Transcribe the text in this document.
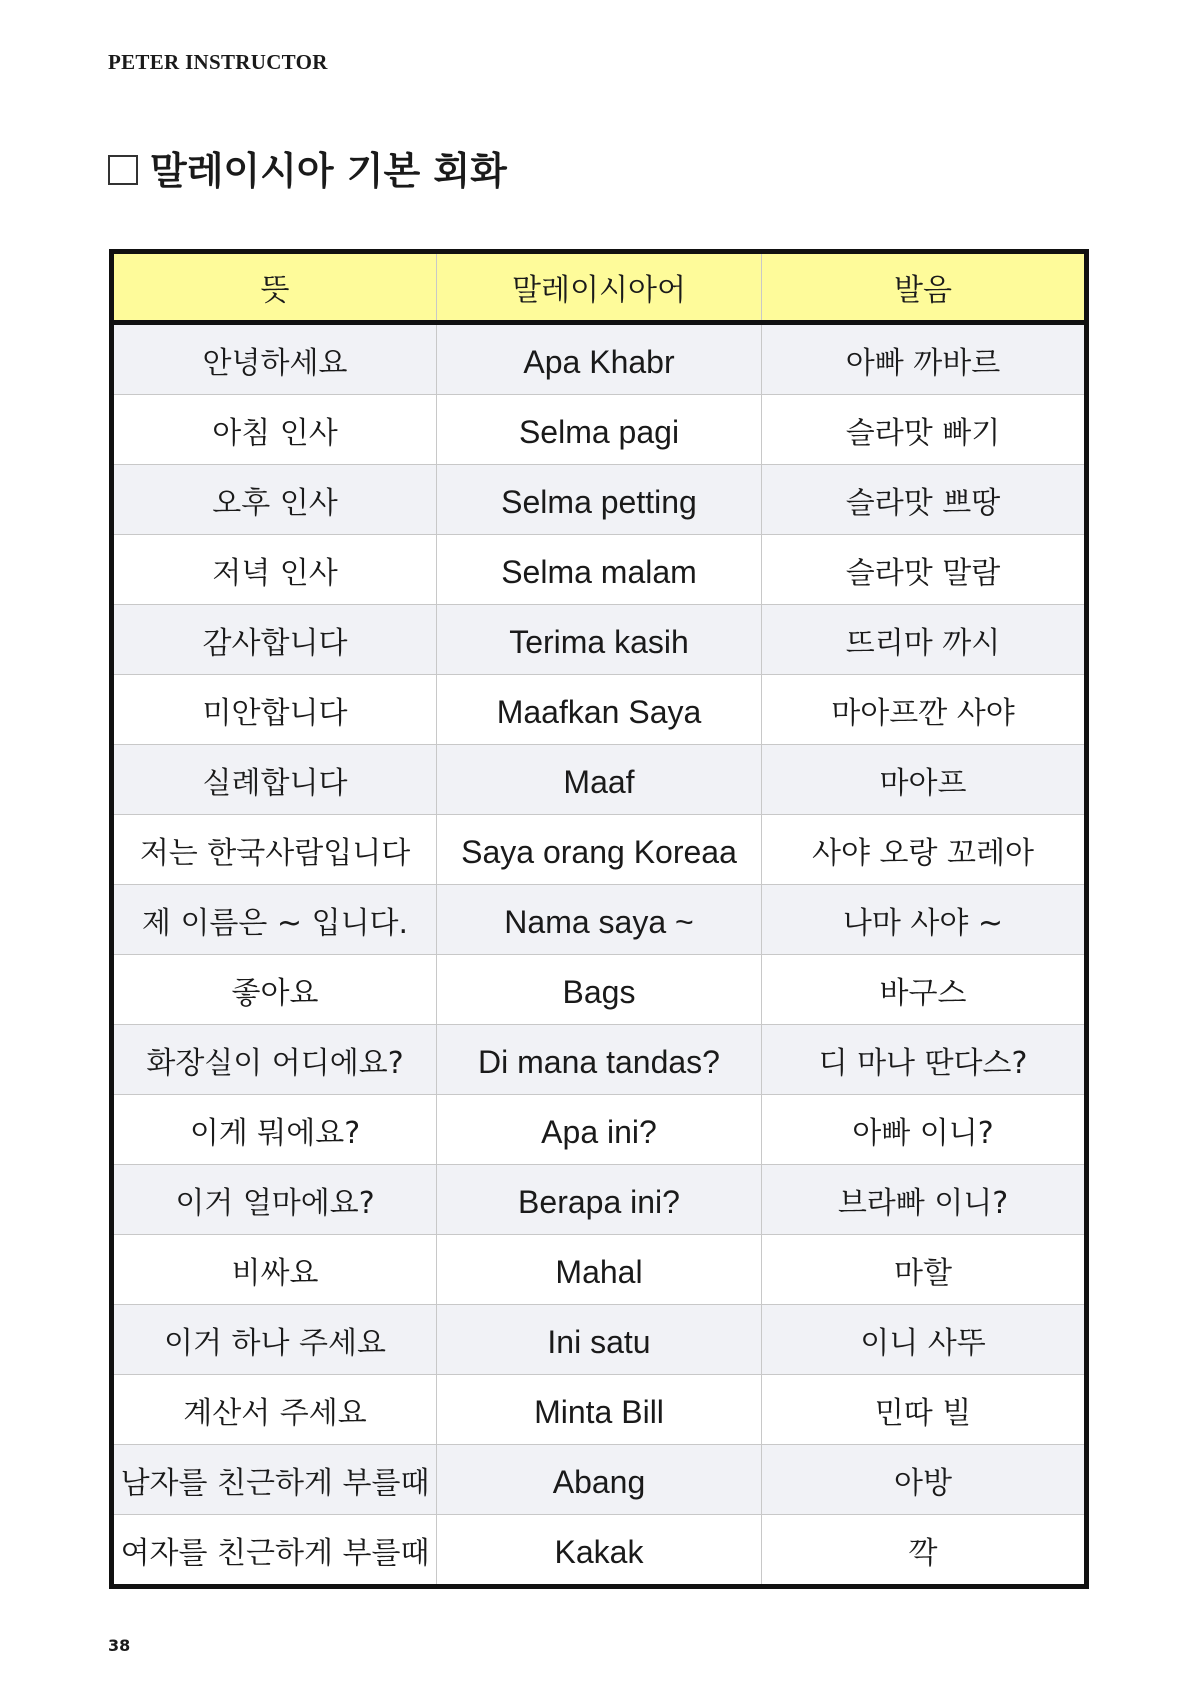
PETER INSTRUCTOR
말레이시아 기본 회화
뜻	말레이시아어	발음
안녕하세요	Apa Khabr	아빠 까바르
아침 인사	Selma pagi	슬라맛 빠기
오후 인사	Selma petting	슬라맛 쁘땅
저녁 인사	Selma malam	슬라맛 말람
감사합니다	Terima kasih	뜨리마 까시
미안합니다	Maafkan Saya	마아프깐 사야
실례합니다	Maaf	마아프
저는 한국사람입니다	Saya orang Koreaa	사야 오랑 꼬레아
제 이름은 ~ 입니다.	Nama saya ~	나마 사야 ~
좋아요	Bags	바구스
화장실이 어디에요?	Di mana tandas?	디 마나 딴다스?
이게 뭐에요?	Apa ini?	아빠 이니?
이거 얼마에요?	Berapa ini?	브라빠 이니?
비싸요	Mahal	마할
이거 하나 주세요	Ini satu	이니 사뚜
계산서 주세요	Minta Bill	민따 빌
남자를 친근하게 부를때	Abang	아방
여자를 친근하게 부를때	Kakak	깍
38
